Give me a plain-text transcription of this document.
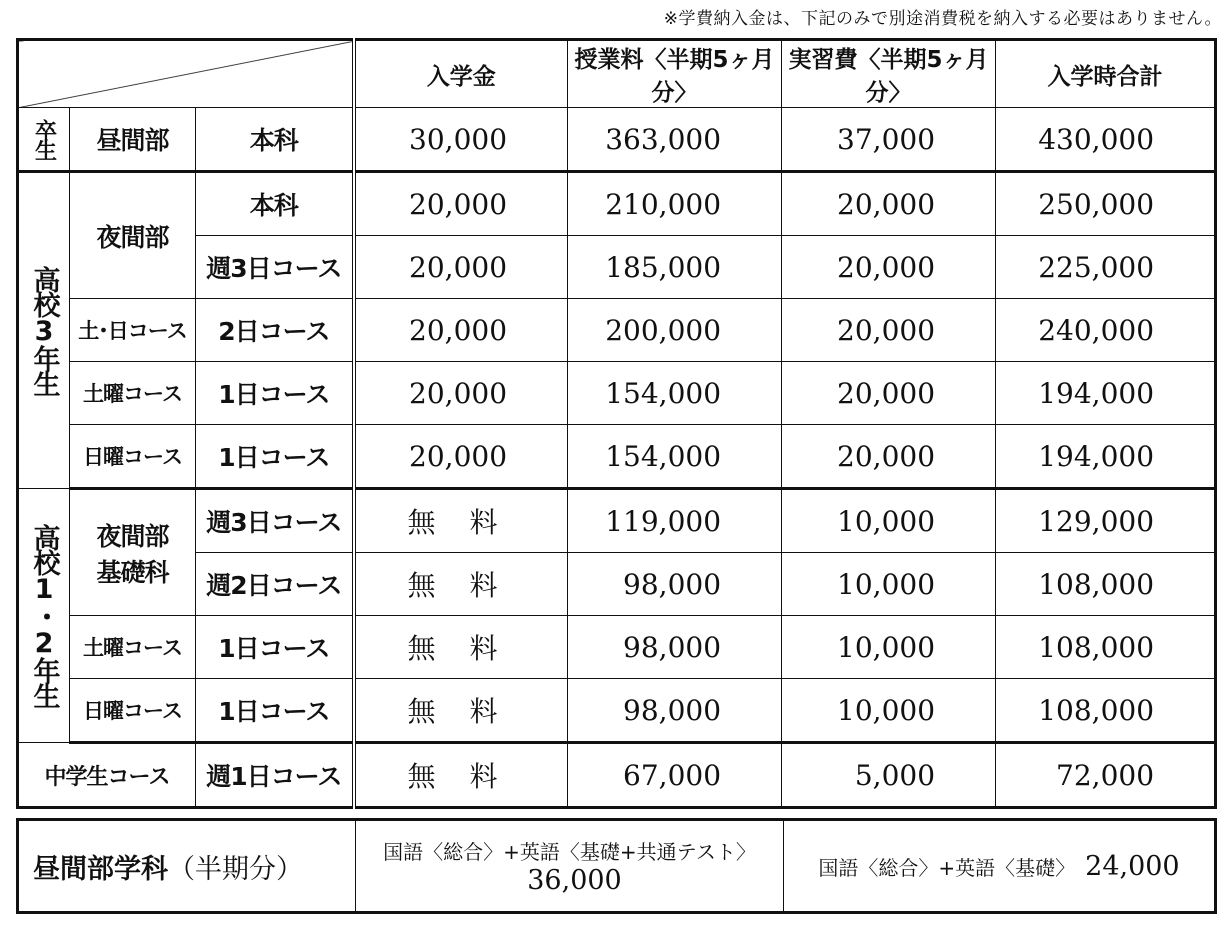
※学費納入金は、下記のみで別途消費税を納入する必要はありません。
			入学金	授業料〈半期5ヶ月分〉	実習費〈半期5ヶ月分〉	入学時合計

卒生	昼間部	本科	30,000	363,000	37,000	430,000

高校3年生	夜間部	本科	20,000	210,000	20,000	250,000
		週3日コース	20,000	185,000	20,000	225,000
	土･日コース	2日コース	20,000	200,000	20,000	240,000
	土曜コース	1日コース	20,000	154,000	20,000	194,000
	日曜コース	1日コース	20,000	154,000	20,000	194,000

高校1・2年生	夜間部 基礎科	週3日コース	無料	119,000	10,000	129,000
		週2日コース	無料	98,000	10,000	108,000
	土曜コース	1日コース	無料	98,000	10,000	108,000
	日曜コース	1日コース	無料	98,000	10,000	108,000
中学生コース		週1日コース	無料	67,000	5,000	72,000
昼間部学科（半期分）	国語〈総合〉+英語〈基礎+共通テスト〉36,000	国語〈総合〉+英語〈基礎〉 24,000
